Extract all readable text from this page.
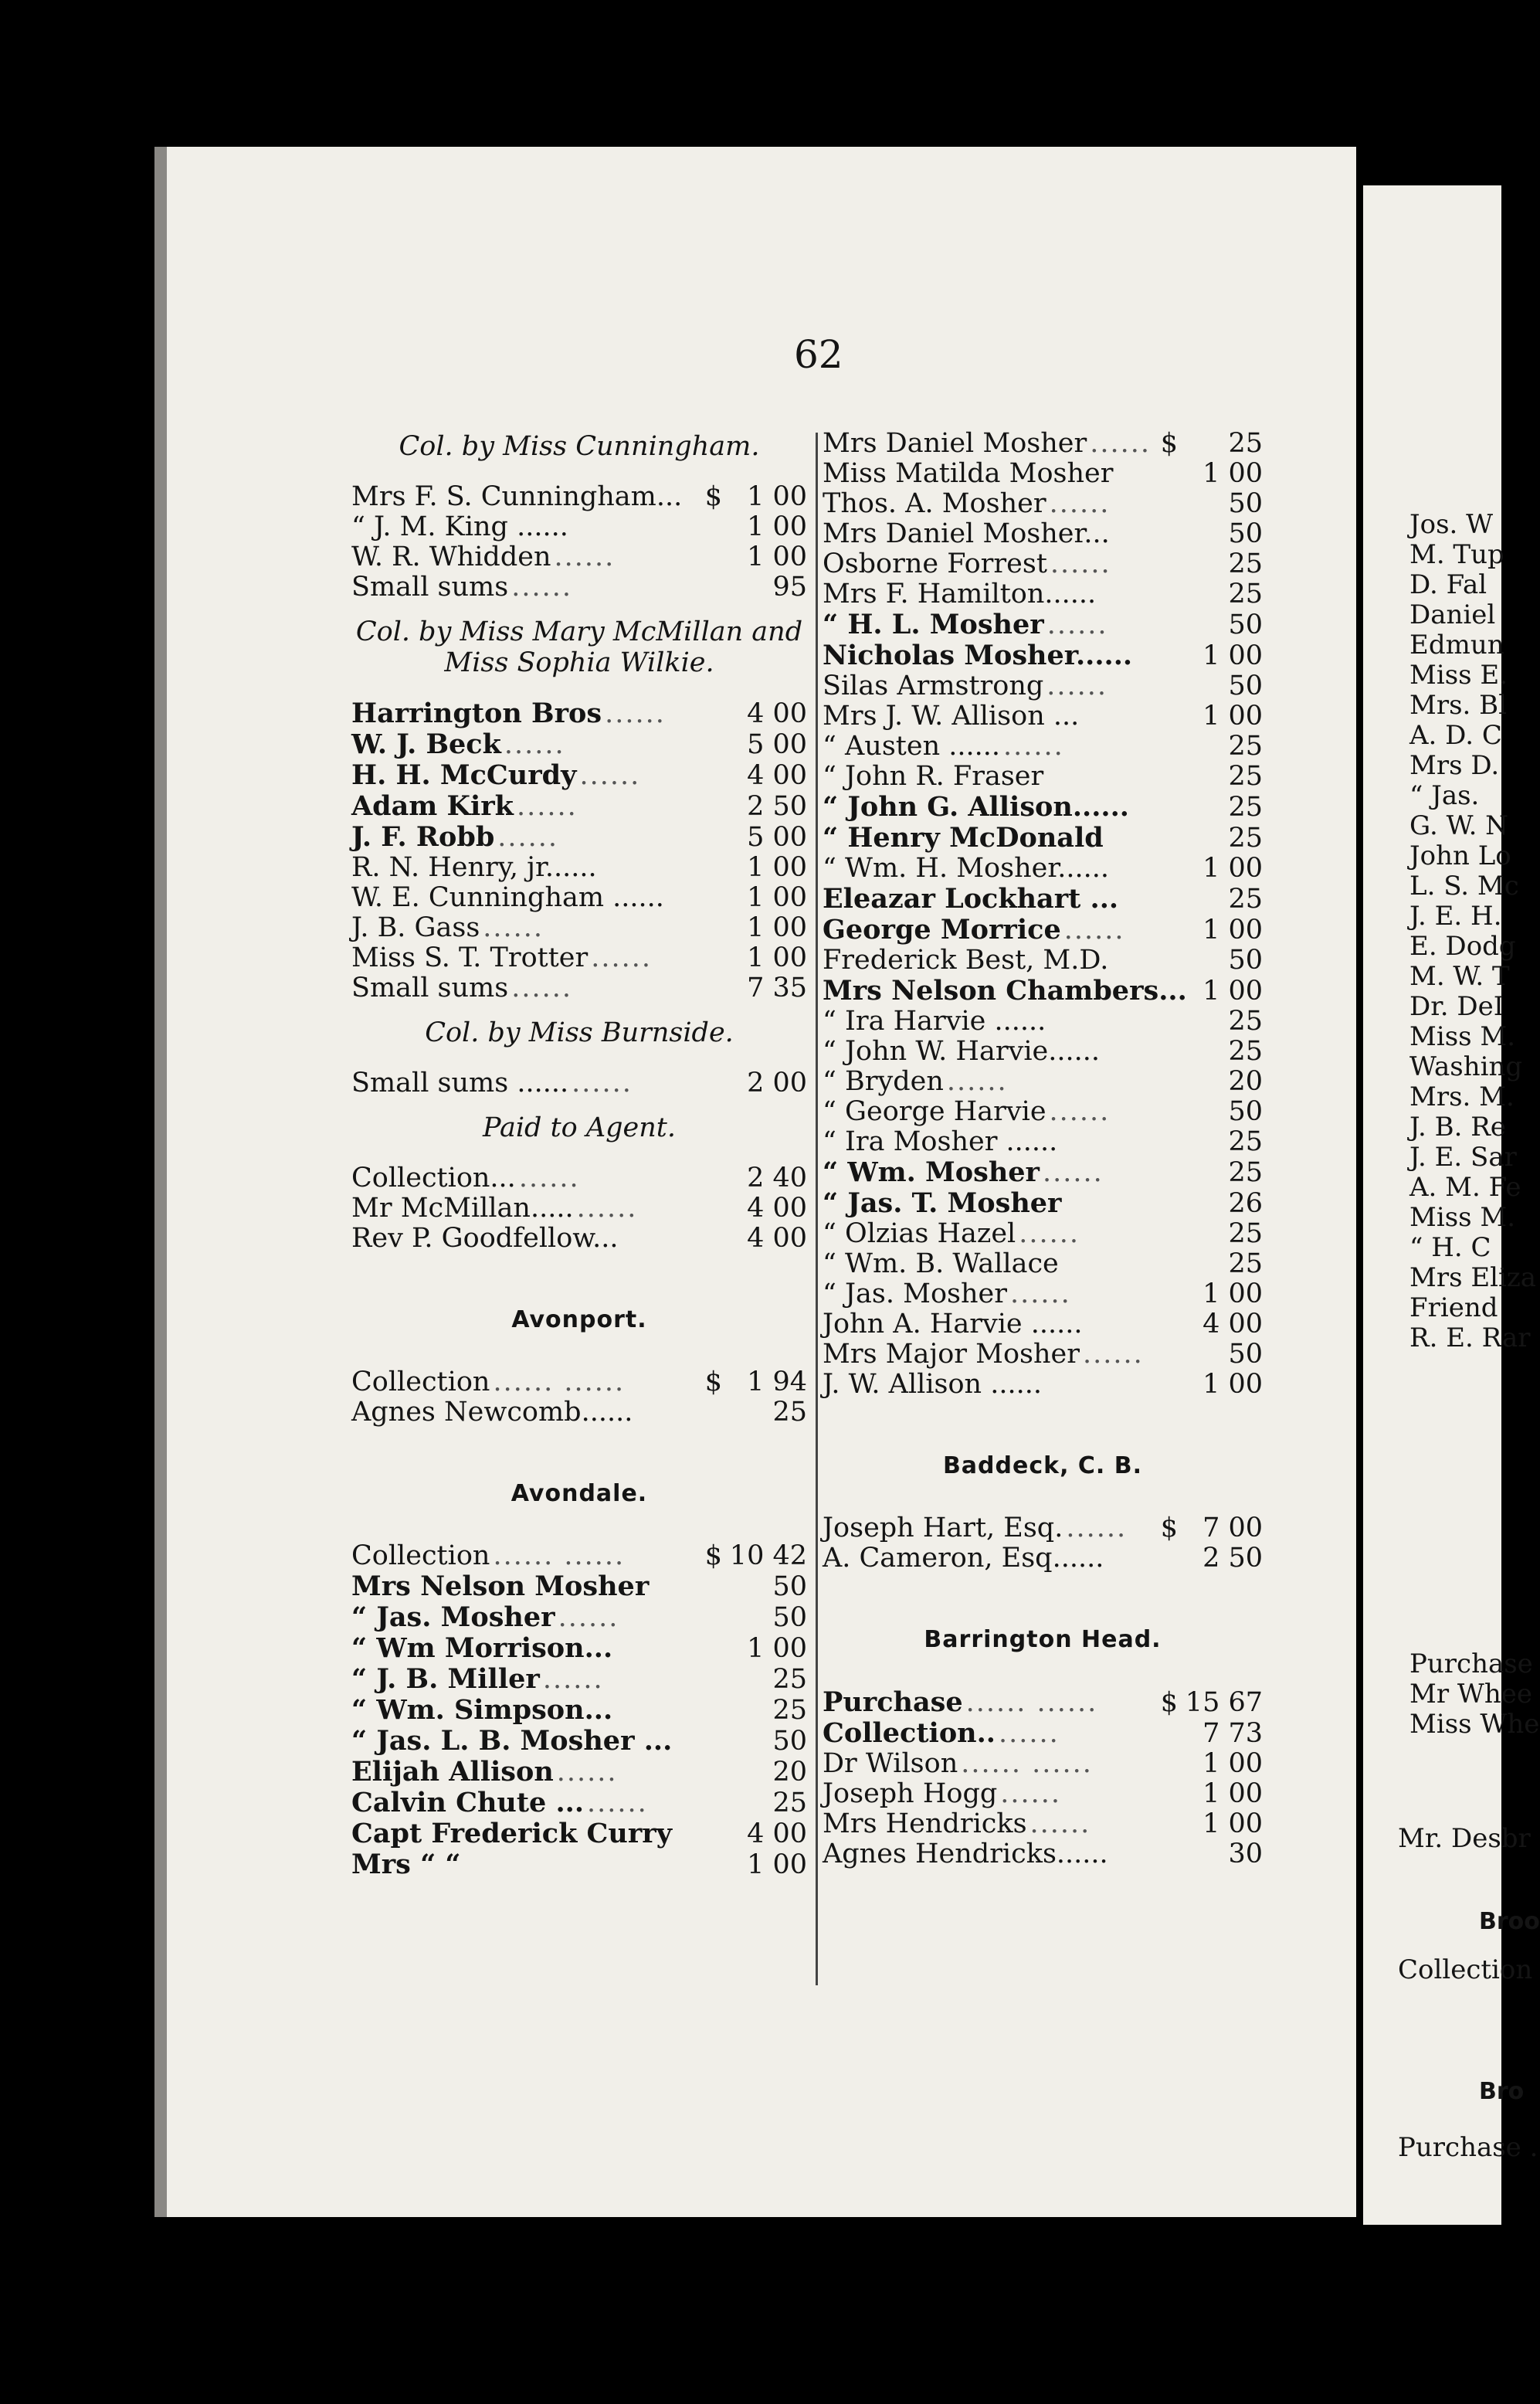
Jos. W
M. Tup
D. Fal
Daniel
Edmun
Miss E.
Mrs. Bl
A. D. C
Mrs D.
“ Jas.
G. W. N
John Lo
L. S. Mc
J. E. H.
E. Dodg
M. W. T
Dr. DeI
Miss M.
Washing
Mrs. M.
J. B. Re
J. E. Sar
A. M. Fe
Miss M.
“ H. C
Mrs Eliza
Friend
R. E. Rar
Purchase
Mr Whee
Miss Whe
Mr. Desbr
Broo
Collection
Bro
Purchase .
62
Col. by Miss Cunningham.
Mrs F. S. Cunningham... $ 1 00
“ J. M. King ......	1 00
W. R. Whidden ......	1 00
Small sums ......	95
Col. by Miss Mary McMillan and Miss Sophia Wilkie.
Harrington Bros ......	4 00
W. J. Beck ......	5 00
H. H. McCurdy ......	4 00
Adam Kirk ......	2 50
J. F. Robb ......	5 00
R. N. Henry, jr......	1 00
W. E. Cunningham ......	1 00
J. B. Gass ......	1 00
Miss S. T. Trotter ......	1 00
Small sums ......	7 35
Col. by Miss Burnside.
Small sums ...... ......	2 00
Paid to Agent.
Collection... ......	2 40
Mr McMillan..... ......	4 00
Rev P. Goodfellow...	4 00
Avonport.
Collection ...... ......	$ 1 94
Agnes Newcomb......	25
Avondale.
Collection ...... ......	$ 10 42
Mrs Nelson Mosher	50
“ Jas. Mosher ......	50
“ Wm Morrison...	1 00
“ J. B. Miller ......	25
“ Wm. Simpson...	25
“ Jas. L. B. Mosher ...	50
Elijah Allison ......	20
Calvin Chute ... ......	25
Capt Frederick Curry	4 00
Mrs “ “	1 00
Mrs Daniel Mosher ...... $	25
Miss Matilda Mosher	1 00
Thos. A. Mosher ......	50
Mrs Daniel Mosher...	50
Osborne Forrest ......	25
Mrs F. Hamilton......	25
“ H. L. Mosher ......	50
Nicholas Mosher......	1 00
Silas Armstrong ......	50
Mrs J. W. Allison ...	1 00
“ Austen ...... ......	25
“ John R. Fraser	25
“ John G. Allison......	25
“ Henry McDonald	25
“ Wm. H. Mosher......	1 00
Eleazar Lockhart ...	25
George Morrice ......	1 00
Frederick Best, M.D.	50
Mrs Nelson Chambers... 1 00
“ Ira Harvie ......	25
“ John W. Harvie......	25
“ Bryden ......	20
“ George Harvie ......	50
“ Ira Mosher ......	25
“ Wm. Mosher ......	25
“ Jas. T. Mosher	26
“ Olzias Hazel ......	25
“ Wm. B. Wallace	25
“ Jas. Mosher ......	1 00
John A. Harvie ......	4 00
Mrs Major Mosher ......	50
J. W. Allison ......	1 00
Baddeck, C. B.
Joseph Hart, Esq. ......	$ 7 00
A. Cameron, Esq......	2 50
Barrington Head.
Purchase ...... ......	$ 15 67
Collection.. ......	7 73
Dr Wilson ...... ......	1 00
Joseph Hogg ......	1 00
Mrs Hendricks ......	1 00
Agnes Hendricks......	30
